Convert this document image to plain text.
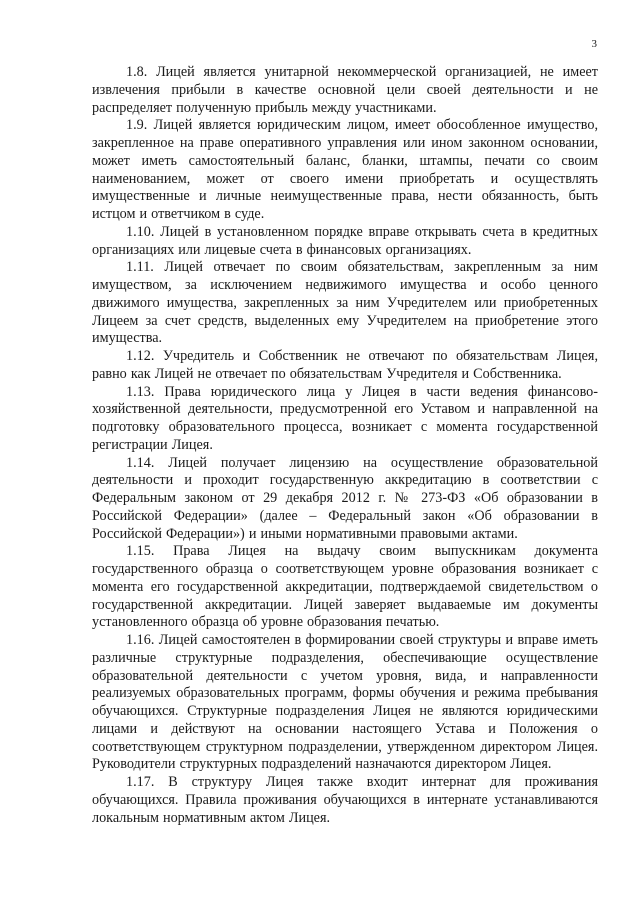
3

1.8. Лицей является унитарной некоммерческой организацией, не имеет извлечения прибыли в качестве основной цели своей деятельности и не распределяет полученную прибыль между участниками.

1.9. Лицей является юридическим лицом, имеет обособленное имущество, закрепленное на праве оперативного управления или ином законном основании, может иметь самостоятельный баланс, бланки, штампы, печати со своим наименованием, может от своего имени приобретать и осуществлять имущественные и личные неимущественные права, нести обязанность, быть истцом и ответчиком в суде.

1.10. Лицей в установленном порядке вправе открывать счета в кредитных организациях или лицевые счета в финансовых организациях.

1.11. Лицей отвечает по своим обязательствам, закрепленным за ним имуществом, за исключением недвижимого имущества и особо ценного движимого имущества, закрепленных за ним Учредителем или приобретенных Лицеем за счет средств, выделенных ему Учредителем на приобретение этого имущества.

1.12. Учредитель и Собственник не отвечают по обязательствам Лицея, равно как Лицей не отвечает по обязательствам Учредителя и Собственника.

1.13. Права юридического лица у Лицея в части ведения финансово-хозяйственной деятельности, предусмотренной его Уставом и направленной на подготовку образовательного процесса, возникает с момента государственной регистрации Лицея.

1.14. Лицей получает лицензию на осуществление образовательной деятельности и проходит государственную аккредитацию в соответствии с Федеральным законом от 29 декабря 2012 г. № 273-ФЗ «Об образовании в Российской Федерации» (далее – Федеральный закон «Об образовании в Российской Федерации») и иными нормативными правовыми актами.

1.15. Права Лицея на выдачу своим выпускникам документа государственного образца о соответствующем уровне образования возникает с момента его государственной аккредитации, подтверждаемой свидетельством о государственной аккредитации. Лицей заверяет выдаваемые им документы установленного образца об уровне образования печатью.

1.16. Лицей самостоятелен в формировании своей структуры и вправе иметь различные структурные подразделения, обеспечивающие осуществление образовательной деятельности с учетом уровня, вида, и направленности реализуемых образовательных программ, формы обучения и режима пребывания обучающихся. Структурные подразделения Лицея не являются юридическими лицами и действуют на основании настоящего Устава и Положения о соответствующем структурном подразделении, утвержденном директором Лицея. Руководители структурных подразделений назначаются директором Лицея.

1.17. В структуру Лицея также входит интернат для проживания обучающихся. Правила проживания обучающихся в интернате устанавливаются локальным нормативным актом Лицея.
